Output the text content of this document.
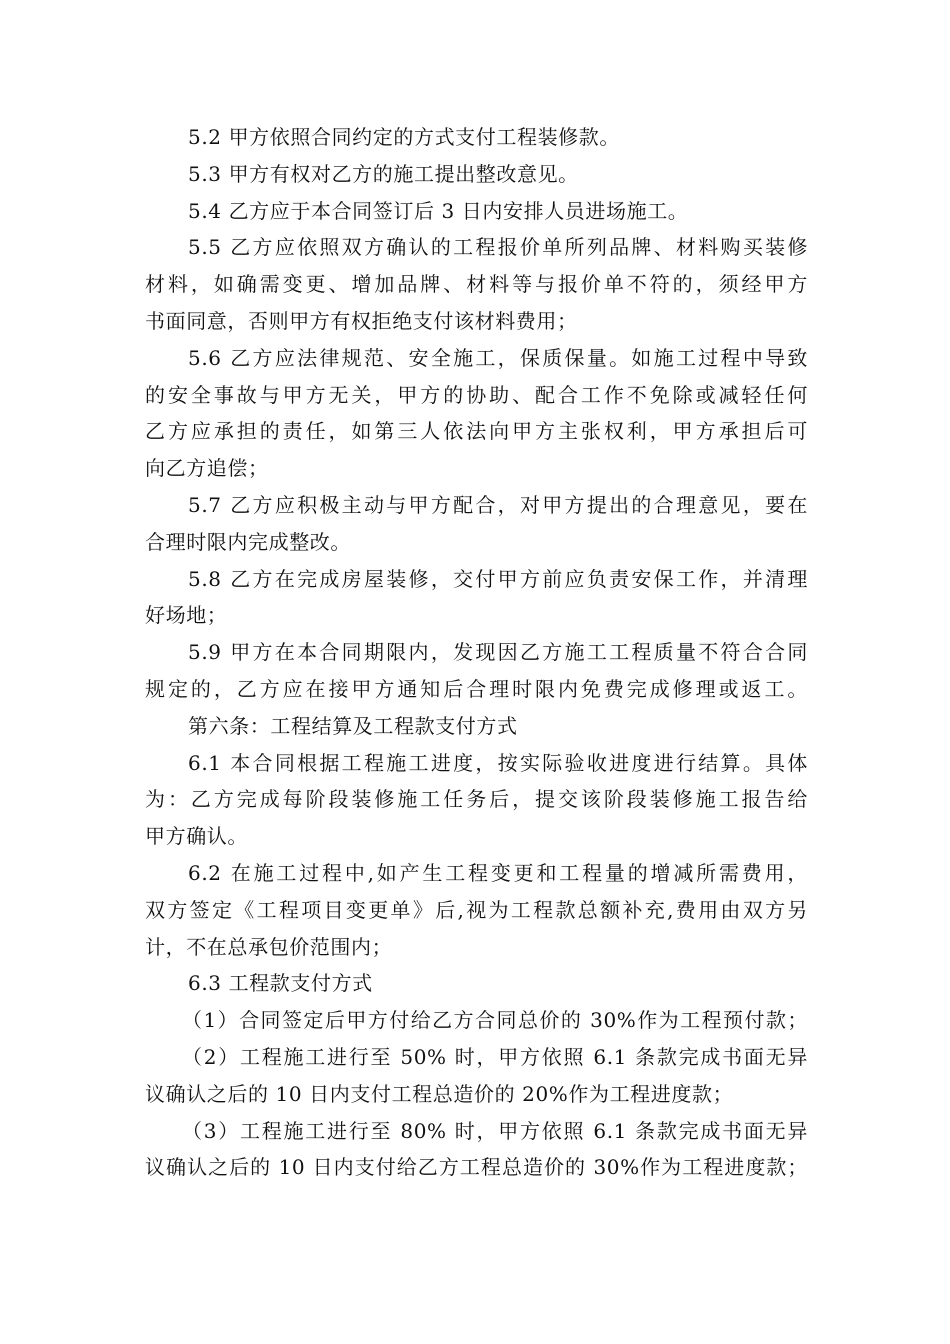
5.2 甲方依照合同约定的方式支付工程装修款。
5.3 甲方有权对乙方的施工提出整改意见。
5.4 乙方应于本合同签订后 3 日内安排人员进场施工。
5.5 乙方应依照双方确认的工程报价单所列品牌、材料购买装修
材料，如确需变更、增加品牌、材料等与报价单不符的，须经甲方
书面同意，否则甲方有权拒绝支付该材料费用；
5.6 乙方应法律规范、安全施工，保质保量。如施工过程中导致
的安全事故与甲方无关，甲方的协助、配合工作不免除或减轻任何
乙方应承担的责任，如第三人依法向甲方主张权利，甲方承担后可
向乙方追偿；
5.7 乙方应积极主动与甲方配合，对甲方提出的合理意见，要在
合理时限内完成整改。
5.8 乙方在完成房屋装修，交付甲方前应负责安保工作，并清理
好场地；
5.9 甲方在本合同期限内，发现因乙方施工工程质量不符合合同
规定的，乙方应在接甲方通知后合理时限内免费完成修理或返工。
第六条：工程结算及工程款支付方式
6.1 本合同根据工程施工进度，按实际验收进度进行结算。具体
为：乙方完成每阶段装修施工任务后，提交该阶段装修施工报告给
甲方确认。
6.2 在施工过程中,如产生工程变更和工程量的增减所需费用，
双方签定《工程项目变更单》后,视为工程款总额补充,费用由双方另
计，不在总承包价范围内；
6.3 工程款支付方式
（1）合同签定后甲方付给乙方合同总价的 30%作为工程预付款；
（2）工程施工进行至 50% 时，甲方依照 6.1 条款完成书面无异
议确认之后的 10 日内支付工程总造价的 20%作为工程进度款；
（3）工程施工进行至 80% 时，甲方依照 6.1 条款完成书面无异
议确认之后的 10 日内支付给乙方工程总造价的 30%作为工程进度款；
